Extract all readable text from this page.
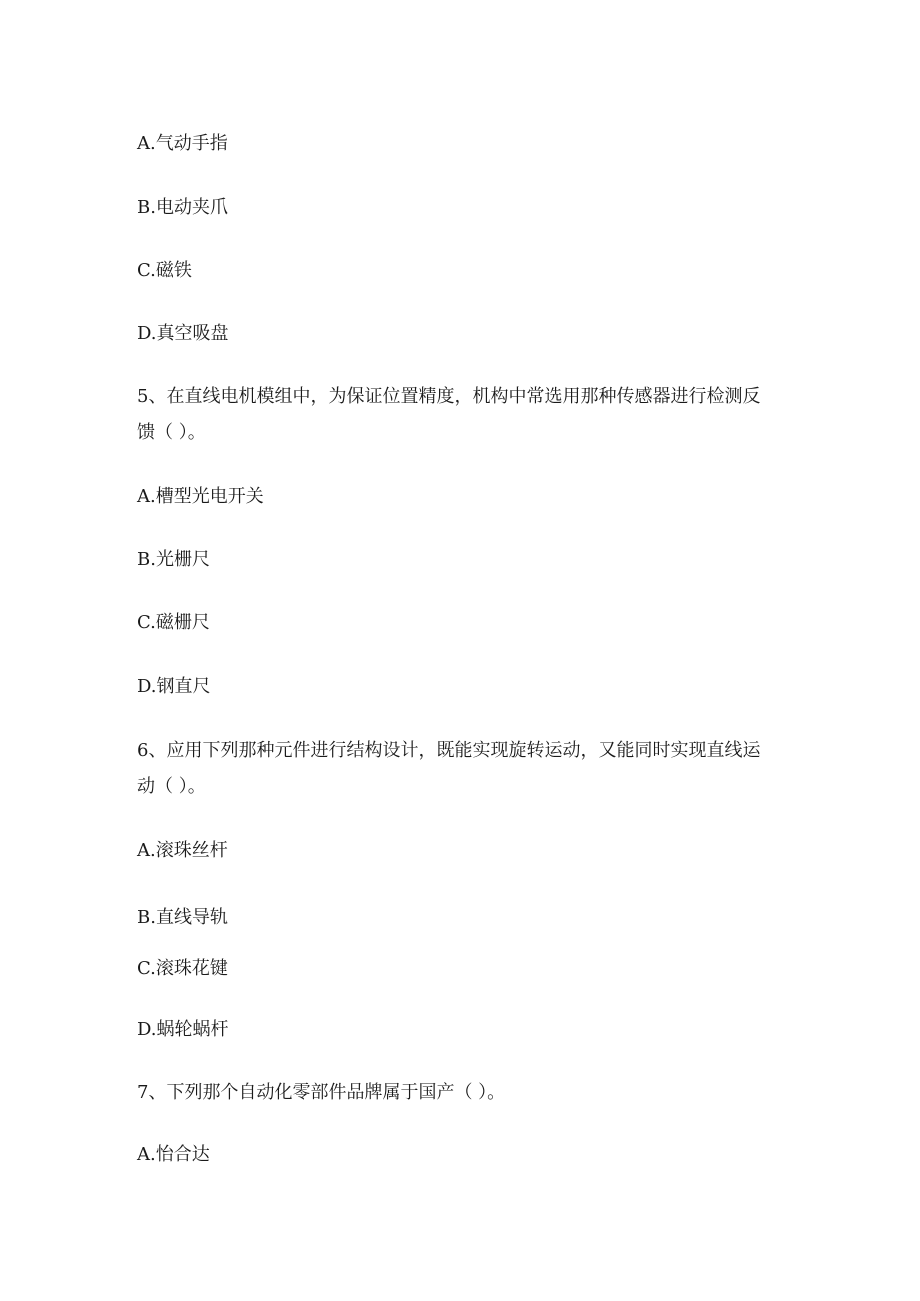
A.气动手指
B.电动夹爪
C.磁铁
D.真空吸盘
5、在直线电机模组中，为保证位置精度，机构中常选用那种传感器进行检测反
馈（ ）。
A.槽型光电开关
B.光栅尺
C.磁栅尺
D.钢直尺
6、应用下列那种元件进行结构设计，既能实现旋转运动，又能同时实现直线运
动（ ）。
A.滚珠丝杆
B.直线导轨
C.滚珠花键
D.蜗轮蜗杆
7、下列那个自动化零部件品牌属于国产（ ）。
A.怡合达
